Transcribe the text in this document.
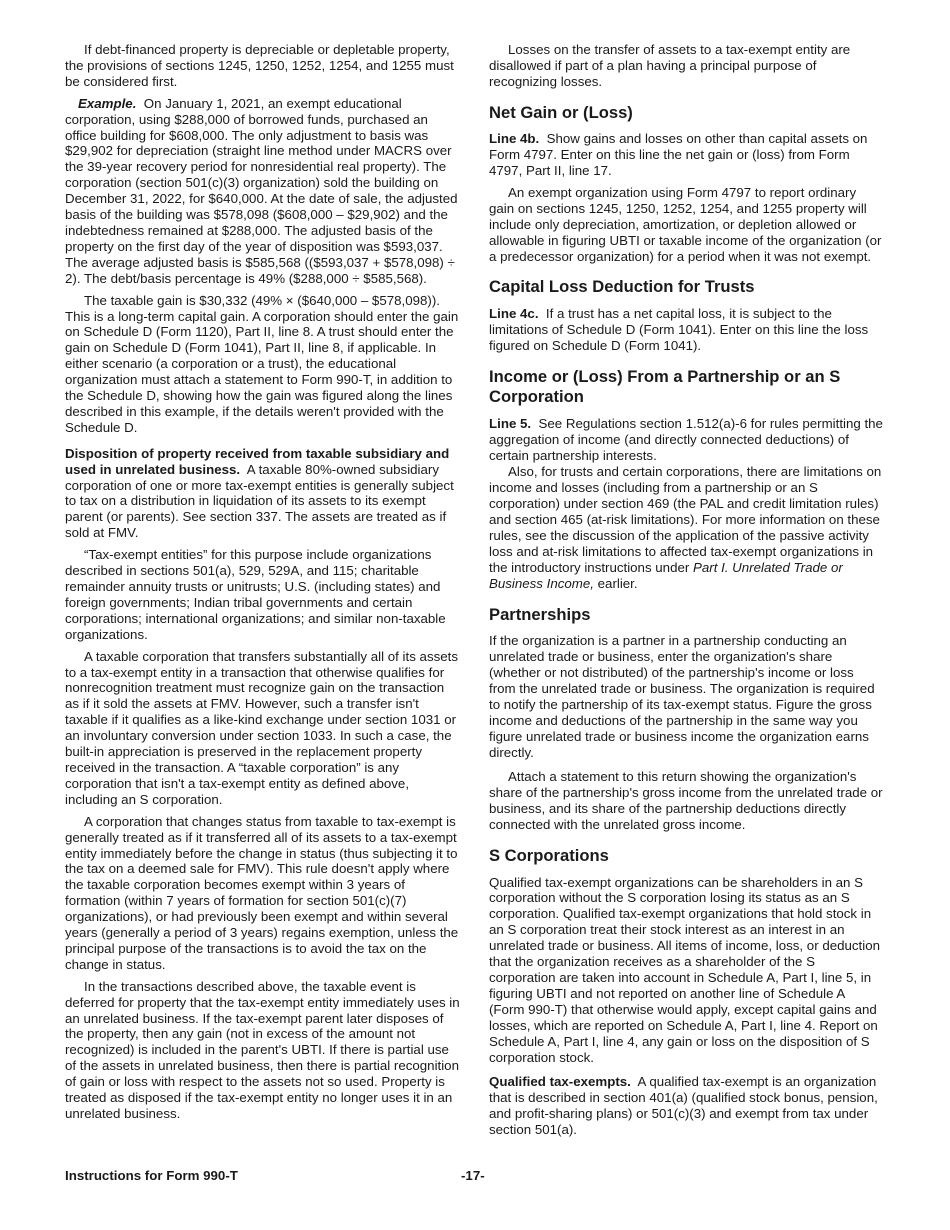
If debt-financed property is depreciable or depletable property, the provisions of sections 1245, 1250, 1252, 1254, and 1255 must be considered first.

Example. On January 1, 2021, an exempt educational corporation, using $288,000 of borrowed funds, purchased an office building for $608,000. The only adjustment to basis was $29,902 for depreciation (straight line method under MACRS over the 39-year recovery period for nonresidential real property). The corporation (section 501(c)(3) organization) sold the building on December 31, 2022, for $640,000. At the date of sale, the adjusted basis of the building was $578,098 ($608,000 – $29,902) and the indebtedness remained at $288,000. The adjusted basis of the property on the first day of the year of disposition was $593,037. The average adjusted basis is $585,568 (($593,037 + $578,098) ÷ 2). The debt/basis percentage is 49% ($288,000 ÷ $585,568).

The taxable gain is $30,332 (49% × ($640,000 – $578,098)). This is a long-term capital gain. A corporation should enter the gain on Schedule D (Form 1120), Part II, line 8. A trust should enter the gain on Schedule D (Form 1041), Part II, line 8, if applicable. In either scenario (a corporation or a trust), the educational organization must attach a statement to Form 990-T, in addition to the Schedule D, showing how the gain was figured along the lines described in this example, if the details weren't provided with the Schedule D.

Disposition of property received from taxable subsidiary and used in unrelated business. A taxable 80%-owned subsidiary corporation of one or more tax-exempt entities is generally subject to tax on a distribution in liquidation of its assets to its exempt parent (or parents). See section 337. The assets are treated as if sold at FMV.

“Tax-exempt entities” for this purpose include organizations described in sections 501(a), 529, 529A, and 115; charitable remainder annuity trusts or unitrusts; U.S. (including states) and foreign governments; Indian tribal governments and certain corporations; international organizations; and similar non-taxable organizations.

A taxable corporation that transfers substantially all of its assets to a tax-exempt entity in a transaction that otherwise qualifies for nonrecognition treatment must recognize gain on the transaction as if it sold the assets at FMV. However, such a transfer isn't taxable if it qualifies as a like-kind exchange under section 1031 or an involuntary conversion under section 1033. In such a case, the built-in appreciation is preserved in the replacement property received in the transaction. A “taxable corporation” is any corporation that isn't a tax-exempt entity as defined above, including an S corporation.

A corporation that changes status from taxable to tax-exempt is generally treated as if it transferred all of its assets to a tax-exempt entity immediately before the change in status (thus subjecting it to the tax on a deemed sale for FMV). This rule doesn't apply where the taxable corporation becomes exempt within 3 years of formation (within 7 years of formation for section 501(c)(7) organizations), or had previously been exempt and within several years (generally a period of 3 years) regains exemption, unless the principal purpose of the transactions is to avoid the tax on the change in status.

In the transactions described above, the taxable event is deferred for property that the tax-exempt entity immediately uses in an unrelated business. If the tax-exempt parent later disposes of the property, then any gain (not in excess of the amount not recognized) is included in the parent's UBTI. If there is partial use of the assets in unrelated business, then there is partial recognition of gain or loss with respect to the assets not so used. Property is treated as disposed if the tax-exempt entity no longer uses it in an unrelated business.

Losses on the transfer of assets to a tax-exempt entity are disallowed if part of a plan having a principal purpose of recognizing losses.

Net Gain or (Loss)

Line 4b. Show gains and losses on other than capital assets on Form 4797. Enter on this line the net gain or (loss) from Form 4797, Part II, line 17.

An exempt organization using Form 4797 to report ordinary gain on sections 1245, 1250, 1252, 1254, and 1255 property will include only depreciation, amortization, or depletion allowed or allowable in figuring UBTI or taxable income of the organization (or a predecessor organization) for a period when it was not exempt.

Capital Loss Deduction for Trusts

Line 4c. If a trust has a net capital loss, it is subject to the limitations of Schedule D (Form 1041). Enter on this line the loss figured on Schedule D (Form 1041).

Income or (Loss) From a Partnership or an S Corporation

Line 5. See Regulations section 1.512(a)-6 for rules permitting the aggregation of income (and directly connected deductions) of certain partnership interests.

Also, for trusts and certain corporations, there are limitations on income and losses (including from a partnership or an S corporation) under section 469 (the PAL and credit limitation rules) and section 465 (at-risk limitations). For more information on these rules, see the discussion of the application of the passive activity loss and at-risk limitations to affected tax-exempt organizations in the introductory instructions under Part I. Unrelated Trade or Business Income, earlier.

Partnerships

If the organization is a partner in a partnership conducting an unrelated trade or business, enter the organization's share (whether or not distributed) of the partnership's income or loss from the unrelated trade or business. The organization is required to notify the partnership of its tax-exempt status. Figure the gross income and deductions of the partnership in the same way you figure unrelated trade or business income the organization earns directly.

Attach a statement to this return showing the organization's share of the partnership's gross income from the unrelated trade or business, and its share of the partnership deductions directly connected with the unrelated gross income.

S Corporations

Qualified tax-exempt organizations can be shareholders in an S corporation without the S corporation losing its status as an S corporation. Qualified tax-exempt organizations that hold stock in an S corporation treat their stock interest as an interest in an unrelated trade or business. All items of income, loss, or deduction that the organization receives as a shareholder of the S corporation are taken into account in Schedule A, Part I, line 5, in figuring UBTI and not reported on another line of Schedule A (Form 990-T) that otherwise would apply, except capital gains and losses, which are reported on Schedule A, Part I, line 4. Report on Schedule A, Part I, line 4, any gain or loss on the disposition of S corporation stock.

Qualified tax-exempts. A qualified tax-exempt is an organization that is described in section 401(a) (qualified stock bonus, pension, and profit-sharing plans) or 501(c)(3) and exempt from tax under section 501(a).

Instructions for Form 990-T	-17-
